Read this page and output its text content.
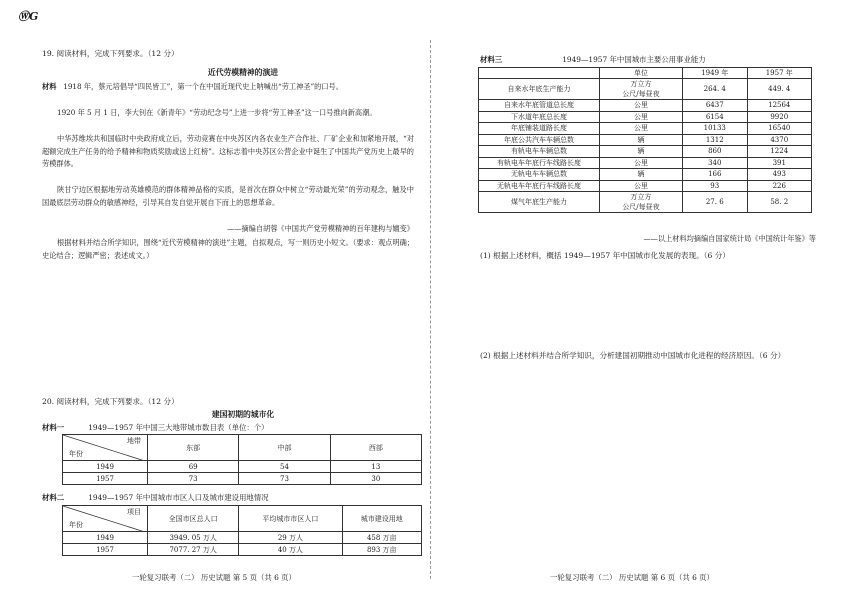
ⓌG
19. 阅读材料，完成下列要求。（12 分）
近代劳模精神的演进
材料 1918 年，蔡元培倡导“四民皆工”，第一个在中国近现代史上呐喊出“劳工神圣”的口号。
1920 年 5 月 1 日，李大钊在《新青年》“劳动纪念号”上进一步将“劳工神圣”这一口号推向新高潮。
中华苏维埃共和国临时中央政府成立后，劳动竞赛在中央苏区内各农业生产合作社、厂矿企业和加紧地开展，“对超额完成生产任务的给予精神和物质奖励或送上红榜”。这标志着中央苏区公营企业中诞生了中国共产党历史上最早的劳模群体。
陕甘宁边区根据地劳动英雄模范的群体精神品格的实质，是首次在群众中树立“劳动最光荣”的劳动观念，触及中国最底层劳动群众的敏感神经，引导其自发自觉开展自下而上的思想革命。
——摘编自胡蓉《中国共产党劳模精神的百年建构与嬗变》
根据材料并结合所学知识，围绕“近代劳模精神的演进”主题，自拟观点，写一则历史小短文。（要求：观点明确；史论结合；逻辑严密；表述成文。）
20. 阅读材料，完成下列要求。（12 分）
建国初期的城市化
材料一	1949—1957 年中国三大地带城市数目表（单位：个）
地带
年份	东部	中部	西部
1949	69	54	13
1957	73	73	30
材料二	1949—1957 年中国城市市区人口及城市建设用地情况
项目
年份	全国市区总人口	平均城市市区人口	城市建设用地
1949	3949. 05 万人	29 万人	458 万亩
1957	7077. 27 万人	40 万人	893 万亩
一轮复习联考（二） 历史试题 第 5 页（共 6 页）
材料三	1949—1957 年中国城市主要公用事业能力
	单位	1949 年	1957 年
自来水年底生产能力	万立方
公尺/每昼夜	264. 4	449. 4
自来水年底管道总长度	公里	6437	12564
下水道年底总长度	公里	6154	9920
年底铺装道路长度	公里	10133	16540
年底公共汽车车辆总数	辆	1312	4370
有轨电车车辆总数	辆	860	1224
有轨电车年底行车线路长度	公里	340	391
无轨电车车辆总数	辆	166	493
无轨电车年底行车线路长度	公里	93	226
煤气年底生产能力	万立方
公尺/每昼夜	27. 6	58. 2
——以上材料均摘编自国家统计局《中国统计年鉴》等
(1) 根据上述材料，概括 1949—1957 年中国城市化发展的表现。（6 分）
(2) 根据上述材料并结合所学知识，分析建国初期推动中国城市化进程的经济原因。（6 分）
一轮复习联考（二） 历史试题 第 6 页（共 6 页）
